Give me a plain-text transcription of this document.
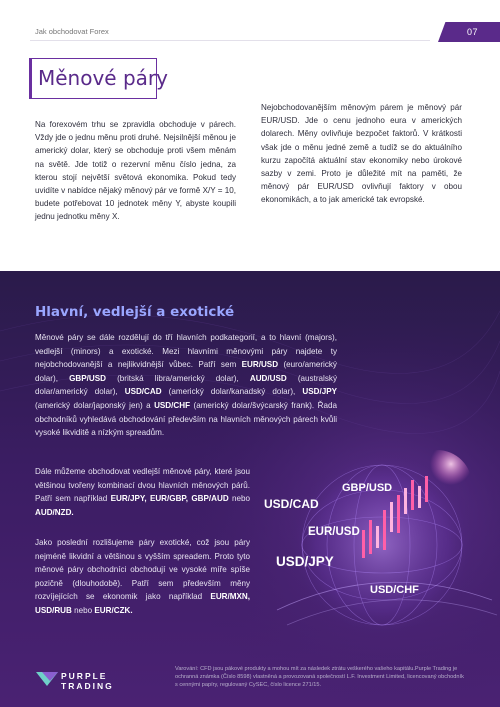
Jak obchodovat Forex	07
Měnové páry

Na forexovém trhu se zpravidla obchoduje v párech. Vždy jde o jednu měnu proti druhé. Nejsilnější měnou je americký dolar, který se obchoduje proti všem měnám na světě. Jde totiž o rezervní měnu číslo jedna, za kterou stojí největší světová ekonomika. Pokud tedy uvidíte v nabídce nějaký měnový pár ve formě X/Y = 10, budete potřebovat 10 jednotek měny Y, abyste koupili jednu jednotku měny X.

Nejobchodovanějším měnovým párem je měnový pár EUR/USD. Jde o cenu jednoho eura v amerických dolarech. Měny ovlivňuje bezpočet faktorů. V krátkosti však jde o měnu jedné země a tudíž se do aktuálního kurzu započítá aktuální stav ekonomiky nebo úrokové sazby v zemi. Proto je důležité mít na paměti, že měnový pár EUR/USD ovlivňují faktory v obou ekonomikách, a to jak americké tak evropské.

Hlavní, vedlejší a exotické

Měnové páry se dále rozdělují do tří hlavních podkategorií, a to hlavní (majors), vedlejší (minors) a exotické. Mezi hlavními měnovými páry najdete ty nejobchodovanější a nejlikvidnější vůbec. Patří sem EUR/USD (euro/americký dolar), GBP/USD (britská libra/americký dolar), AUD/USD (australský dolar/americký dolar), USD/CAD (americký dolar/kanadský dolar), USD/JPY (americký dolar/japonský jen) a USD/CHF (americký dolar/švýcarský frank). Řada obchodníků vyhledává obchodování především na hlavních měnových párech kvůli vysoké likviditě a nízkým spreadům.

Dále můžeme obchodovat vedlejší měnové páry, které jsou většinou tvořeny kombinací dvou hlavních měnových párů. Patří sem například EUR/JPY, EUR/GBP, GBP/AUD nebo AUD/NZD.

Jako poslední rozlišujeme páry exotické, což jsou páry nejméně likvidní a většinou s vyšším spreadem. Proto tyto měnové páry obchodníci obchodují ve vysoké míře spíše pozičně (dlouhodobě). Patří sem především měny rozvíjejících se ekonomik jako například EUR/MXN, USD/RUB nebo EUR/CZK.

GBP/USD
USD/CAD
EUR/USD
USD/JPY
USD/CHF
PURPLE
TRADING

Varování: CFD jsou pákové produkty a mohou mít za následek ztrátu veškerého vašeho kapitálu.Purple Trading je ochranná známka (Číslo 8598) vlastněná a provozovaná společností L.F. Investment Limited, licencovaný obchodník s cennými papíry, regulovaný CySEC, číslo licence 271/15.
